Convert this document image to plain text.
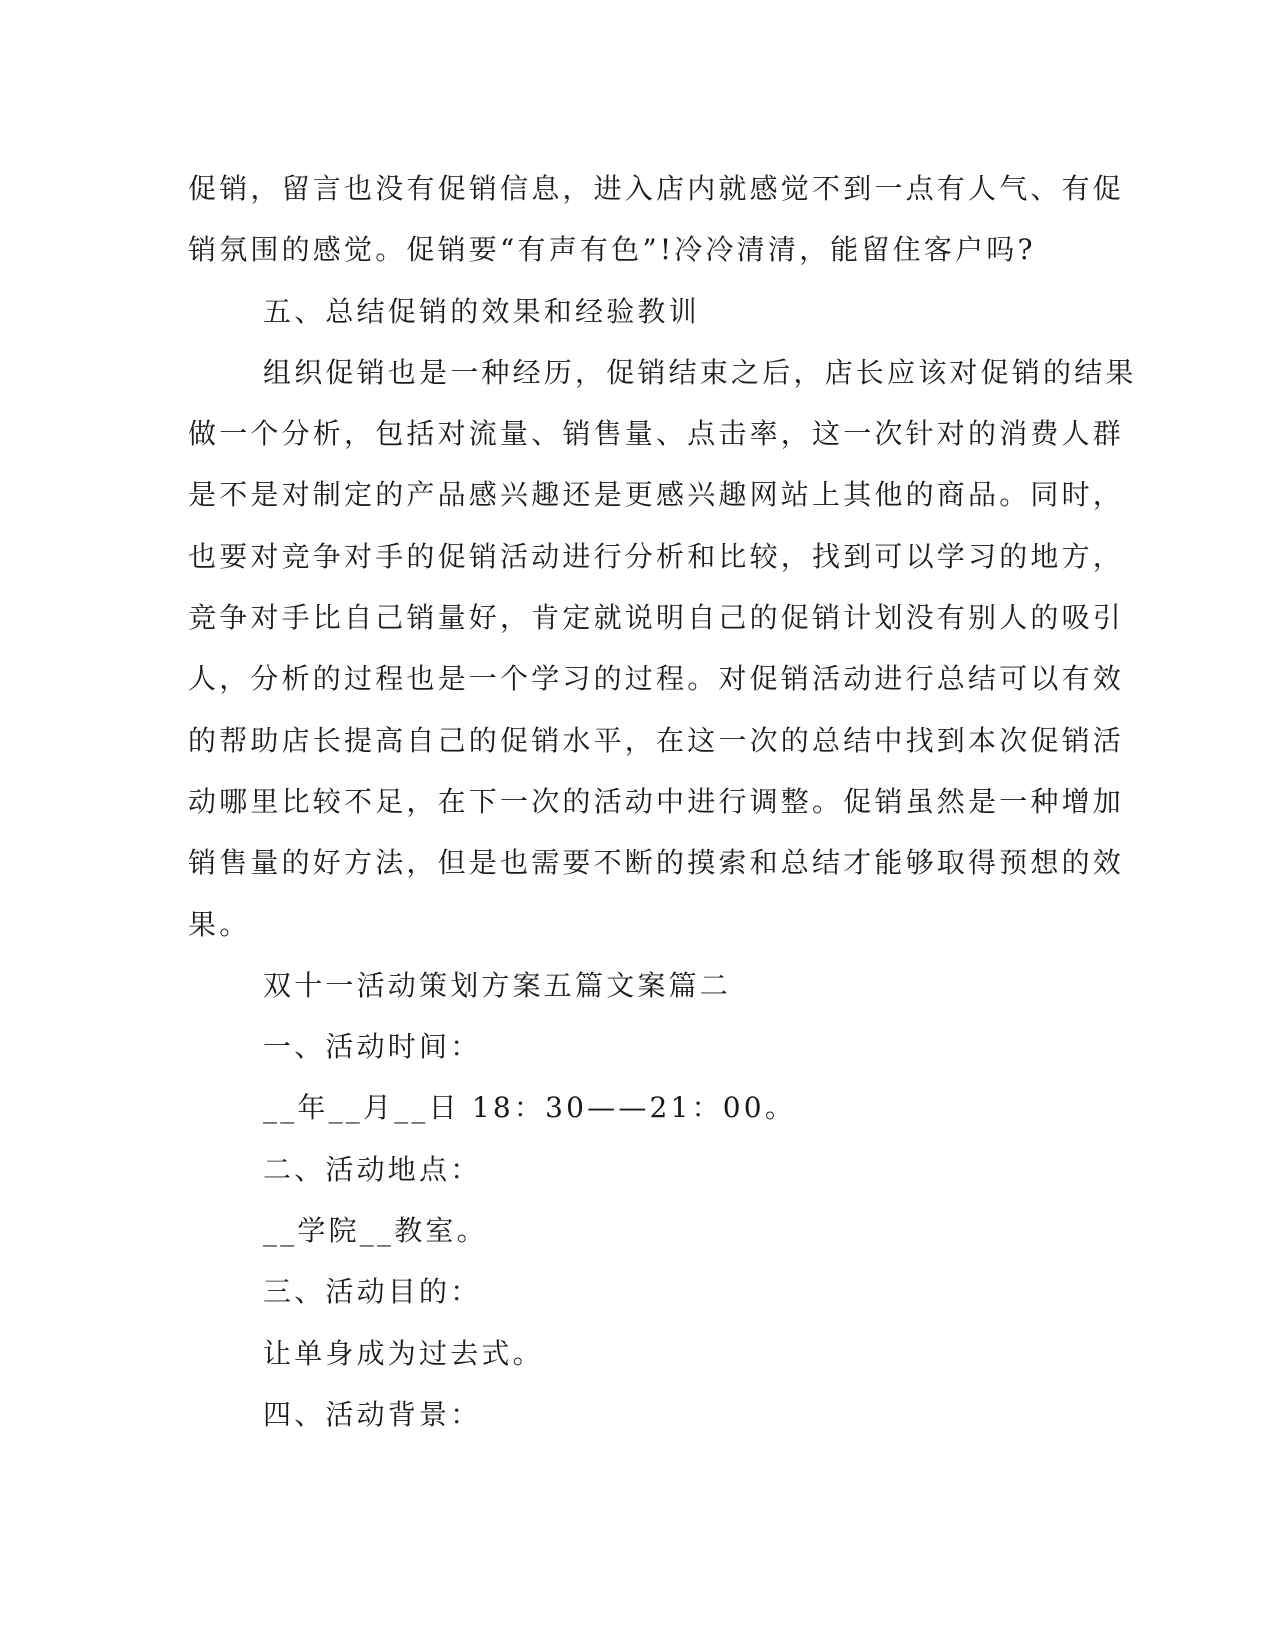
促销，留言也没有促销信息，进入店内就感觉不到一点有人气、有促
销氛围的感觉。促销要“有声有色”!冷冷清清，能留住客户吗?
五、总结促销的效果和经验教训
组织促销也是一种经历，促销结束之后，店长应该对促销的结果
做一个分析，包括对流量、销售量、点击率，这一次针对的消费人群
是不是对制定的产品感兴趣还是更感兴趣网站上其他的商品。同时，
也要对竞争对手的促销活动进行分析和比较，找到可以学习的地方，
竞争对手比自己销量好，肯定就说明自己的促销计划没有别人的吸引
人，分析的过程也是一个学习的过程。对促销活动进行总结可以有效
的帮助店长提高自己的促销水平，在这一次的总结中找到本次促销活
动哪里比较不足，在下一次的活动中进行调整。促销虽然是一种增加
销售量的好方法，但是也需要不断的摸索和总结才能够取得预想的效
果。
双十一活动策划方案五篇文案篇二
一、活动时间：
__年__月__日 18：30——21：00。
二、活动地点：
__学院__教室。
三、活动目的：
让单身成为过去式。
四、活动背景：
